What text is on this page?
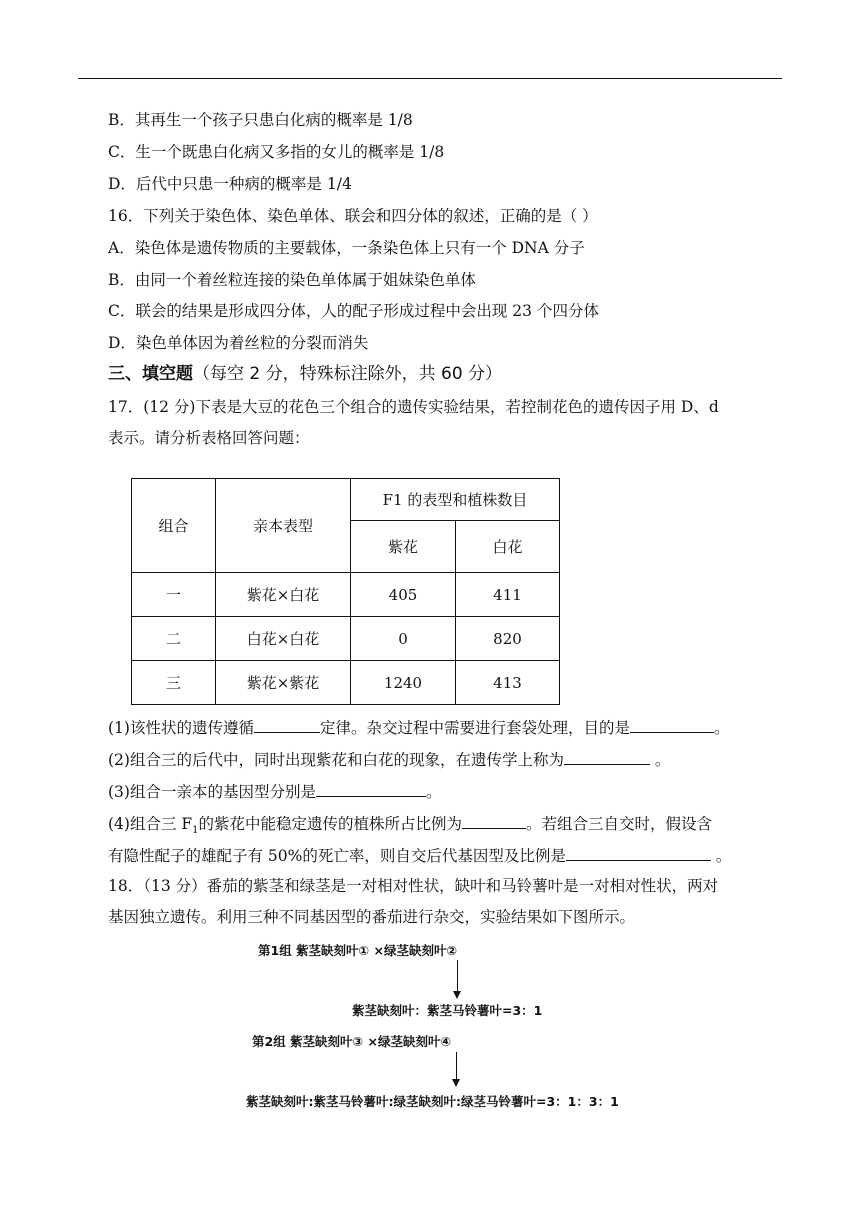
B．其再生一个孩子只患白化病的概率是 1/8
C．生一个既患白化病又多指的女儿的概率是 1/8
D．后代中只患一种病的概率是 1/4
16．下列关于染色体、染色单体、联会和四分体的叙述，正确的是（ ）
A．染色体是遗传物质的主要载体，一条染色体上只有一个 DNA 分子
B．由同一个着丝粒连接的染色单体属于姐妹染色单体
C．联会的结果是形成四分体，人的配子形成过程中会出现 23 个四分体
D．染色单体因为着丝粒的分裂而消失
三、填空题（每空 2 分，特殊标注除外，共 60 分）
17．(12 分)下表是大豆的花色三个组合的遗传实验结果，若控制花色的遗传因子用 D、d
表示。请分析表格回答问题：
组合	亲本表型	F1 的表型和植株数目	
		紫花	白花
一	紫花×白花	405	411
二	白花×白花	0	820
三	紫花×紫花	1240	413
(1)该性状的遗传遵循	定律。杂交过程中需要进行套袋处理，目的是	。
(2)组合三的后代中，同时出现紫花和白花的现象，在遗传学上称为	。
(3)组合一亲本的基因型分别是	。
(4)组合三 $F_1$的紫花中能稳定遗传的植株所占比例为	。若组合三自交时，假设含
有隐性配子的雄配子有 50%的死亡率，则自交后代基因型及比例是	。
18．（13 分）番茄的紫茎和绿茎是一对相对性状，缺叶和马铃薯叶是一对相对性状，两对
基因独立遗传。利用三种不同基因型的番茄进行杂交，实验结果如下图所示。
第1组 紫茎缺刻叶① ×绿茎缺刻叶②
紫茎缺刻叶：紫茎马铃薯叶=3：1
第2组 紫茎缺刻叶③ ×绿茎缺刻叶④
紫茎缺刻叶:紫茎马铃薯叶:绿茎缺刻叶:绿茎马铃薯叶=3：1：3：1
